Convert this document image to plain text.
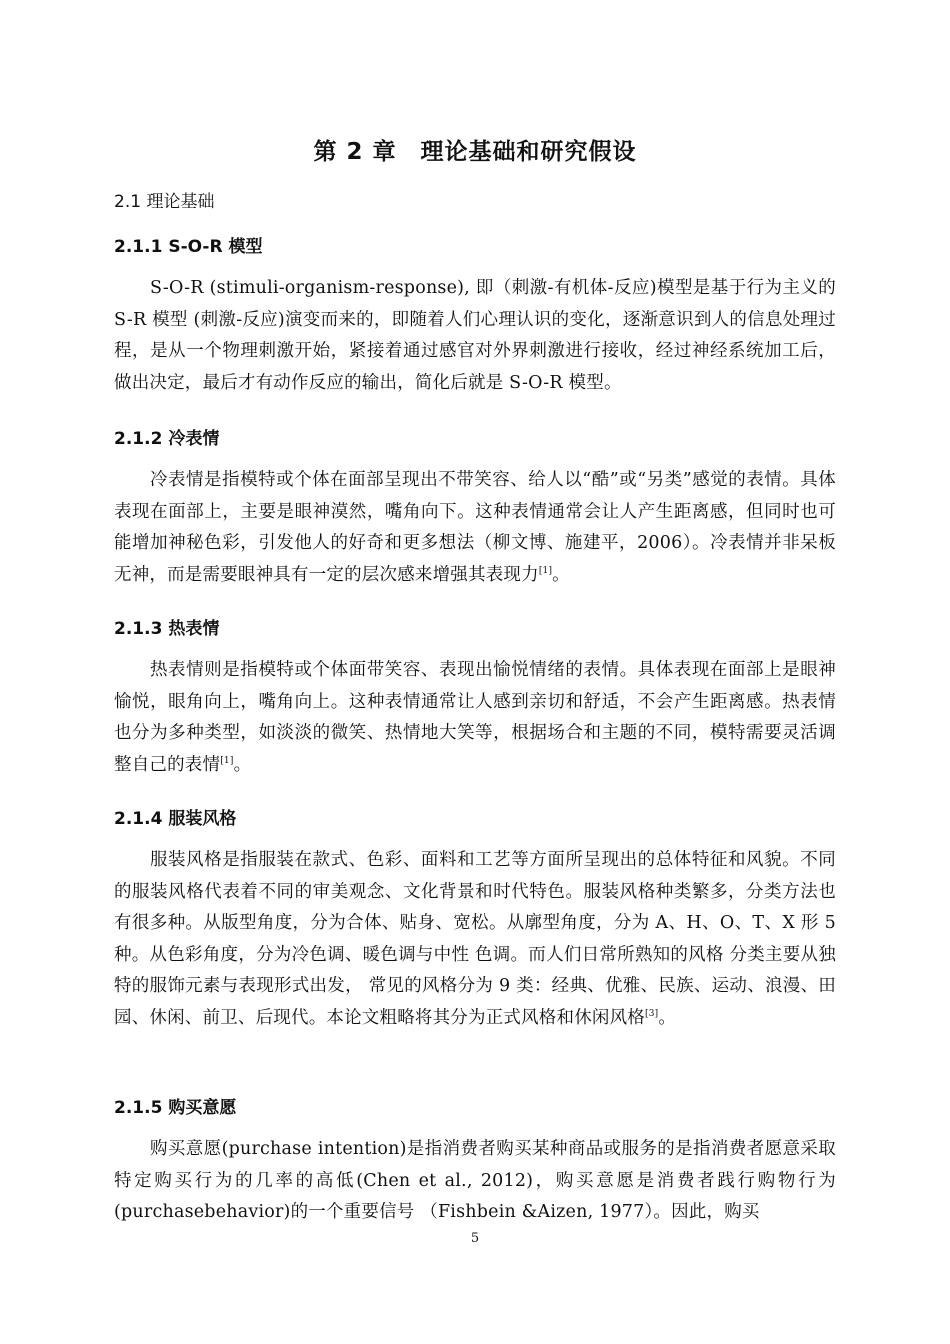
第 2 章　理论基础和研究假设
2.1 理论基础
2.1.1 S-O-R 模型
S-O-R (stimuli-organism-response), 即（刺激-有机体-反应)模型是基于行为主义的 S-R 模型 (刺激-反应)演变而来的，即随着人们心理认识的变化，逐渐意识到人的信息处理过程，是从一个物理刺激开始，紧接着通过感官对外界刺激进行接收，经过神经系统加工后，做出决定，最后才有动作反应的输出，简化后就是 S-O-R 模型。
2.1.2 冷表情
冷表情是指模特或个体在面部呈现出不带笑容、给人以“酷”或“另类”感觉的表情。具体表现在面部上，主要是眼神漠然，嘴角向下。这种表情通常会让人产生距离感，但同时也可能增加神秘色彩，引发他人的好奇和更多想法（柳文博、施建平，2006）。冷表情并非呆板无神，而是需要眼神具有一定的层次感来增强其表现力[1]。
2.1.3 热表情
热表情则是指模特或个体面带笑容、表现出愉悦情绪的表情。具体表现在面部上是眼神愉悦，眼角向上，嘴角向上。这种表情通常让人感到亲切和舒适，不会产生距离感。热表情也分为多种类型，如淡淡的微笑、热情地大笑等，根据场合和主题的不同，模特需要灵活调整自己的表情[1]。
2.1.4 服装风格
服装风格是指服装在款式、色彩、面料和工艺等方面所呈现出的总体特征和风貌。不同的服装风格代表着不同的审美观念、文化背景和时代特色。服装风格种类繁多，分类方法也有很多种。从版型角度，分为合体、贴身、宽松。从廓型角度，分为 A、H、O、T、X 形 5 种。从色彩角度，分为冷色调、暖色调与中性 色调。而人们日常所熟知的风格 分类主要从独特的服饰元素与表现形式出发， 常见的风格分为 9 类：经典、优雅、民族、运动、浪漫、田园、休闲、前卫、后现代。本论文粗略将其分为正式风格和休闲风格[3]。
2.1.5 购买意愿
购买意愿(purchase intention)是指消费者购买某种商品或服务的是指消费者愿意采取特定购买行为的几率的高低(Chen et al., 2012)，购买意愿是消费者践行购物行为(purchasebehavior)的一个重要信号 （Fishbein &Aizen, 1977）。因此，购买
5
